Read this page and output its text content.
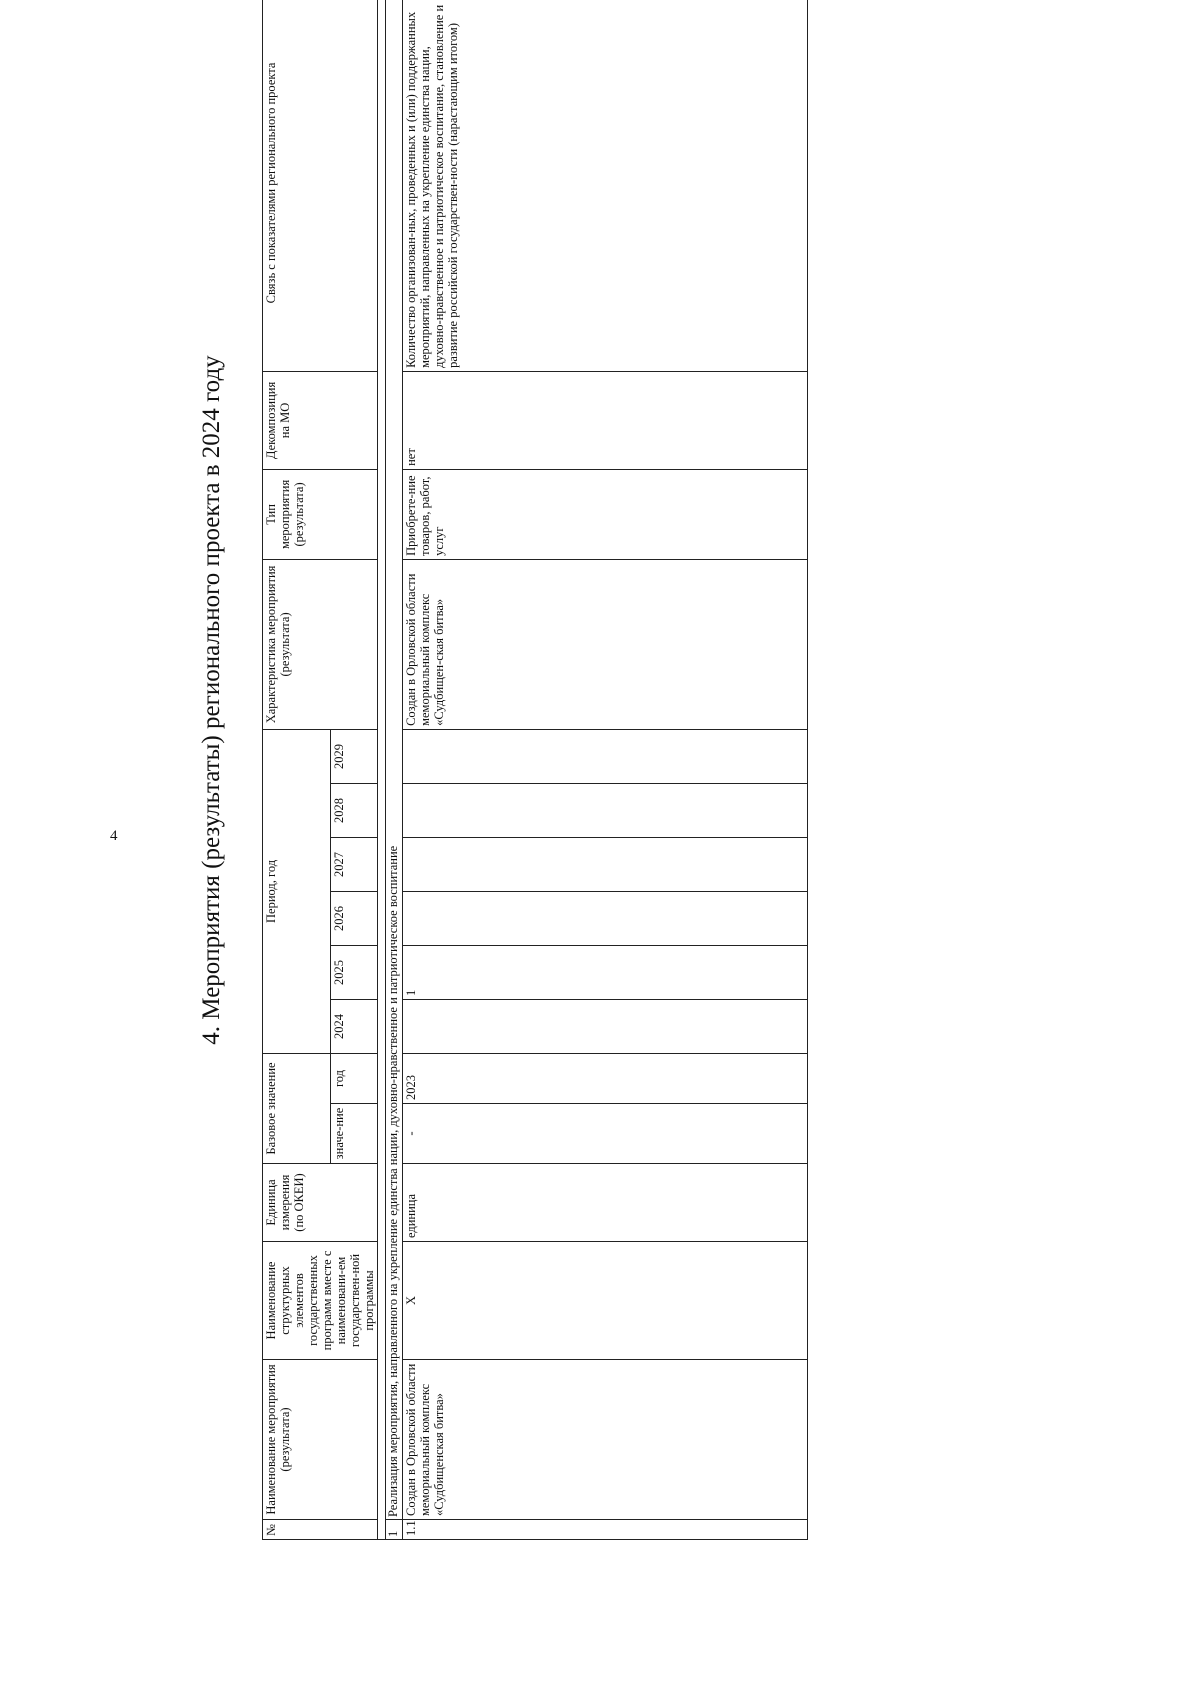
4	4. Мероприятия (результаты) регионального проекта в 2024 году
№	Наименование мероприятия (результата)	Наименование структурных элементов государственных программ вместе с наименовани-ем государствен-ной программы	Единица измерения (по ОКЕИ)	Базовое значение		Период, год						Характеристика мероприятия (результата)	Тип мероприятия (результата)	Декомпозиция на МО	Связь с показателями регионального проекта
				значе-ние	год	2024	2025	2026	2027	2028	2029				

1	Реализация мероприятия, направленного на укрепление единства нации, духовно-нравственное и патриотическое воспитание														
1.1	Создан в Орловской области мемориальный комплекс «Судбищенская битва»	X	единица	-	2023		1					Создан в Орловской области мемориальный комплекс «Судбищен-ская битва»	Приобрете-ние товаров, работ, услуг	нет	Количество организован-ных, проведенных и (или) поддержанных мероприятий, направленных на укрепление единства нации, духовно-нравственное и патриотическое воспитание, становление и развитие российской государствен-ности (нарастающим итогом)
